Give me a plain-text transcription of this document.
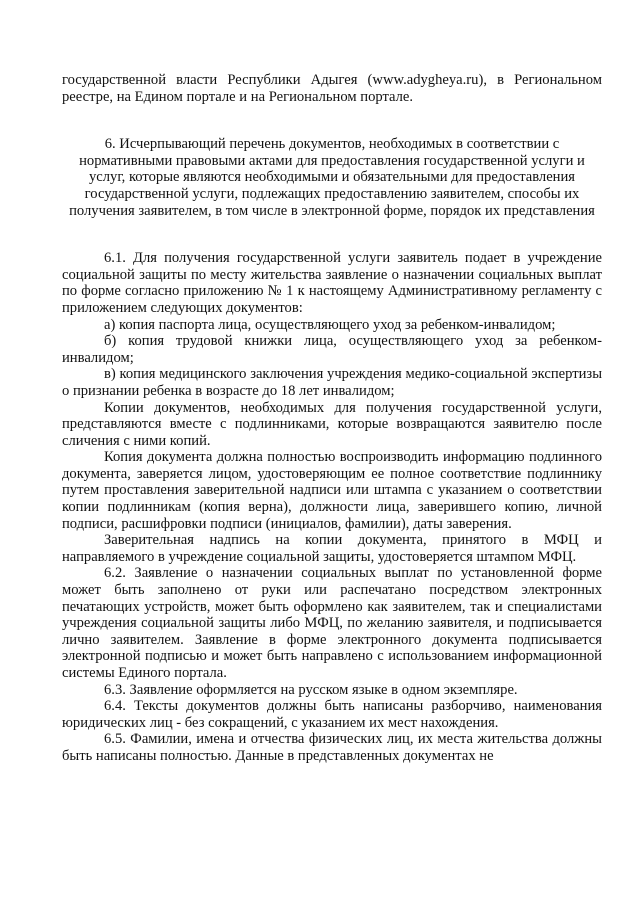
государственной власти Республики Адыгея (www.adygheya.ru), в Региональном реестре, на Едином портале и на Региональном портале.

6. Исчерпывающий перечень документов, необходимых в соответствии с нормативными правовыми актами для предоставления государственной услуги и услуг, которые являются необходимыми и обязательными для предоставления государственной услуги, подлежащих предоставлению заявителем, способы их получения заявителем, в том числе в электронной форме, порядок их представления

6.1. Для получения государственной услуги заявитель подает в учреждение социальной защиты по месту жительства заявление о назначении социальных выплат по форме согласно приложению № 1 к настоящему Административному регламенту с приложением следующих документов:

а) копия паспорта лица, осуществляющего уход за ребенком-инвалидом;

б) копия трудовой книжки лица, осуществляющего уход за ребенком-инвалидом;

в) копия медицинского заключения учреждения медико-социальной экспертизы о признании ребенка в возрасте до 18 лет инвалидом;

Копии документов, необходимых для получения государственной услуги, представляются вместе с подлинниками, которые возвращаются заявителю после сличения с ними копий.

Копия документа должна полностью воспроизводить информацию подлинного документа, заверяется лицом, удостоверяющим ее полное соответствие подлиннику путем проставления заверительной надписи или штампа с указанием о соответствии копии подлинникам (копия верна), должности лица, заверившего копию, личной подписи, расшифровки подписи (инициалов, фамилии), даты заверения.

Заверительная надпись на копии документа, принятого в МФЦ и направляемого в учреждение социальной защиты, удостоверяется штампом МФЦ.

6.2. Заявление о назначении социальных выплат по установленной форме может быть заполнено от руки или распечатано посредством электронных печатающих устройств, может быть оформлено как заявителем, так и специалистами учреждения социальной защиты либо МФЦ, по желанию заявителя, и подписывается лично заявителем. Заявление в форме электронного документа подписывается электронной подписью и может быть направлено с использованием информационной системы Единого портала.

6.3. Заявление оформляется на русском языке в одном экземпляре.

6.4. Тексты документов должны быть написаны разборчиво, наименования юридических лиц - без сокращений, с указанием их мест нахождения.

6.5. Фамилии, имена и отчества физических лиц, их места жительства должны быть написаны полностью. Данные в представленных документах не
